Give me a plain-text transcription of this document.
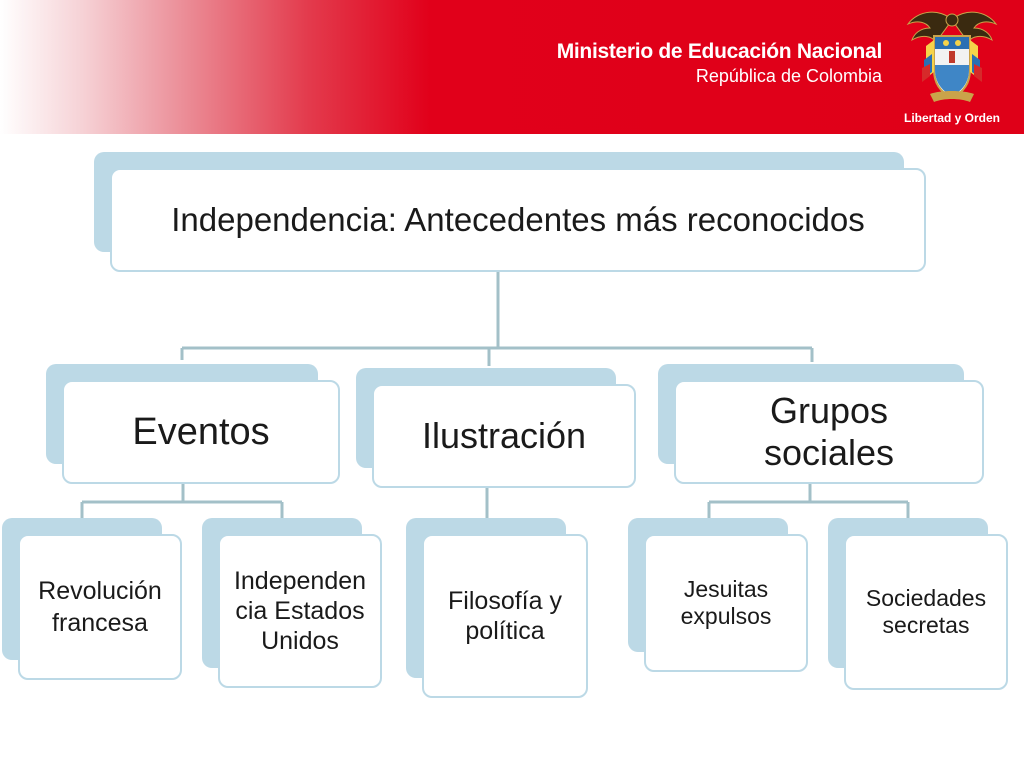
Ministerio de Educación Nacional
República de Colombia
Libertad y Orden
Independencia: Antecedentes más reconocidos
Eventos	Ilustración
Grupos sociales
Revolución francesa
Independencia Estados Unidos
Filosofía y política
Jesuitas expulsos
Sociedades secretas
